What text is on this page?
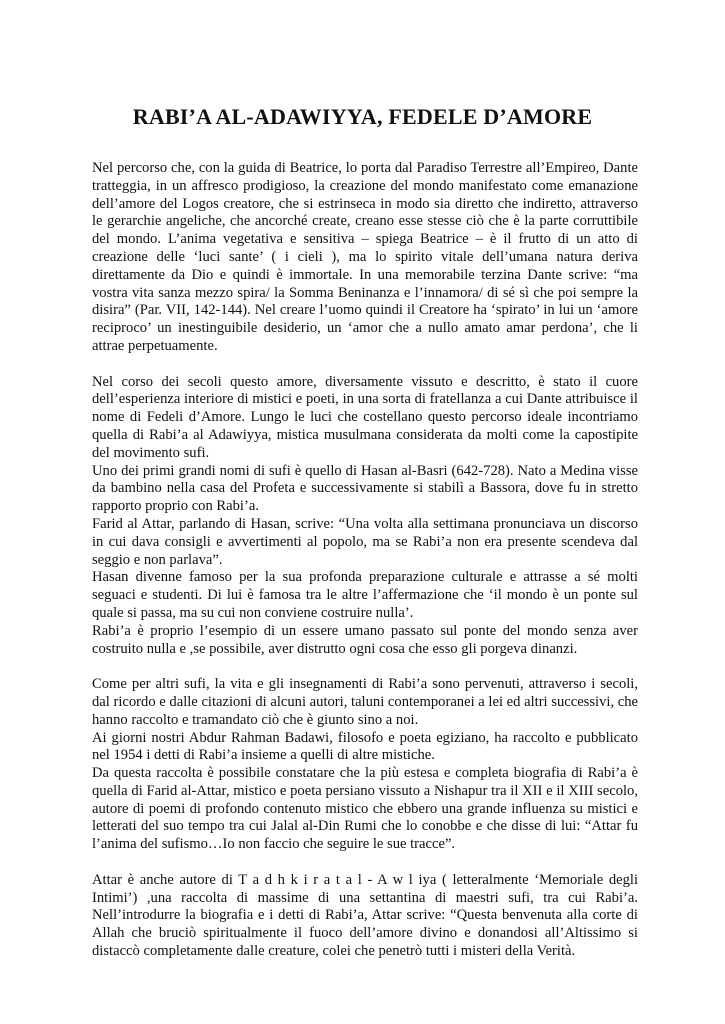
RABI’A AL-ADAWIYYA, FEDELE D’AMORE

Nel percorso che, con la guida di Beatrice, lo porta dal Paradiso Terrestre all’Empireo, Dante tratteggia, in un affresco prodigioso, la creazione del mondo manifestato come emanazione dell’amore del Logos creatore, che si estrinseca in modo sia diretto che indiretto, attraverso le gerarchie angeliche, che ancorché create, creano esse stesse ciò che è la parte corruttibile del mondo. L’anima vegetativa e sensitiva – spiega Beatrice – è il frutto di un atto di creazione delle ‘luci sante’ ( i cieli ), ma lo spirito vitale dell’umana natura deriva direttamente da Dio e quindi è immortale. In una memorabile terzina Dante scrive: “ma vostra vita sanza mezzo spira/ la Somma Beninanza e l’innamora/ di sé sì che poi sempre la disira” (Par. VII, 142-144). Nel creare l’uomo quindi il Creatore ha ‘spirato’ in lui un ‘amore reciproco’ un inestinguibile desiderio, un ‘amor che a nullo amato amar perdona’, che li attrae perpetuamente.

Nel corso dei secoli questo amore, diversamente vissuto e descritto, è stato il cuore dell’esperienza interiore di mistici e poeti, in una sorta di fratellanza a cui Dante attribuisce il nome di Fedeli d’Amore. Lungo le luci che costellano questo percorso ideale incontriamo quella di Rabi’a al Adawiyya, mistica musulmana considerata da molti come la capostipite del movimento sufi.

Uno dei primi grandi nomi di sufi è quello di Hasan al-Basri (642-728). Nato a Medina visse da bambino nella casa del Profeta e successivamente si stabilì a Bassora, dove fu in stretto rapporto proprio con Rabi’a.

Farid al Attar, parlando di Hasan, scrive: “Una volta alla settimana pronunciava un discorso in cui dava consigli e avvertimenti al popolo, ma se Rabi’a non era presente scendeva dal seggio e non parlava”.

Hasan divenne famoso per la sua profonda preparazione culturale e attrasse a sé molti seguaci e studenti. Di lui è famosa tra le altre l’affermazione che ‘il mondo è un ponte sul quale si passa, ma su cui non conviene costruire nulla’.

Rabi’a è proprio l’esempio di un essere umano passato sul ponte del mondo senza aver costruito nulla e ,se possibile, aver distrutto ogni cosa che esso gli porgeva dinanzi.

Come per altri sufi, la vita e gli insegnamenti di Rabi’a sono pervenuti, attraverso i secoli, dal ricordo e dalle citazioni di alcuni autori, taluni contemporanei a lei ed altri successivi, che hanno raccolto e tramandato ciò che è giunto sino a noi.

Ai giorni nostri Abdur Rahman Badawi, filosofo e poeta egiziano, ha raccolto e pubblicato nel 1954 i detti di Rabi’a insieme a quelli di altre mistiche.

Da questa raccolta è possibile constatare che la più estesa e completa biografia di Rabi’a è quella di Farid al-Attar, mistico e poeta persiano vissuto a Nishapur tra il XII e il XIII secolo, autore di poemi di profondo contenuto mistico che ebbero una grande influenza su mistici e letterati del suo tempo tra cui Jalal al-Din Rumi che lo conobbe e che disse di lui: “Attar fu l’anima del sufismo…Io non faccio che seguire le sue tracce”.

Attar è anche autore di T a d h k i r a t a l - A w l iya ( letteralmente ‘Memoriale degli Intimi’) ,una raccolta di massime di una settantina di maestri sufi, tra cui Rabi’a. Nell’introdurre la biografia e i detti di Rabi’a, Attar scrive: “Questa benvenuta alla corte di Allah che bruciò spiritualmente il fuoco dell’amore divino e donandosi all’Altissimo si distaccò completamente dalle creature, colei che penetrò tutti i misteri della Verità.
